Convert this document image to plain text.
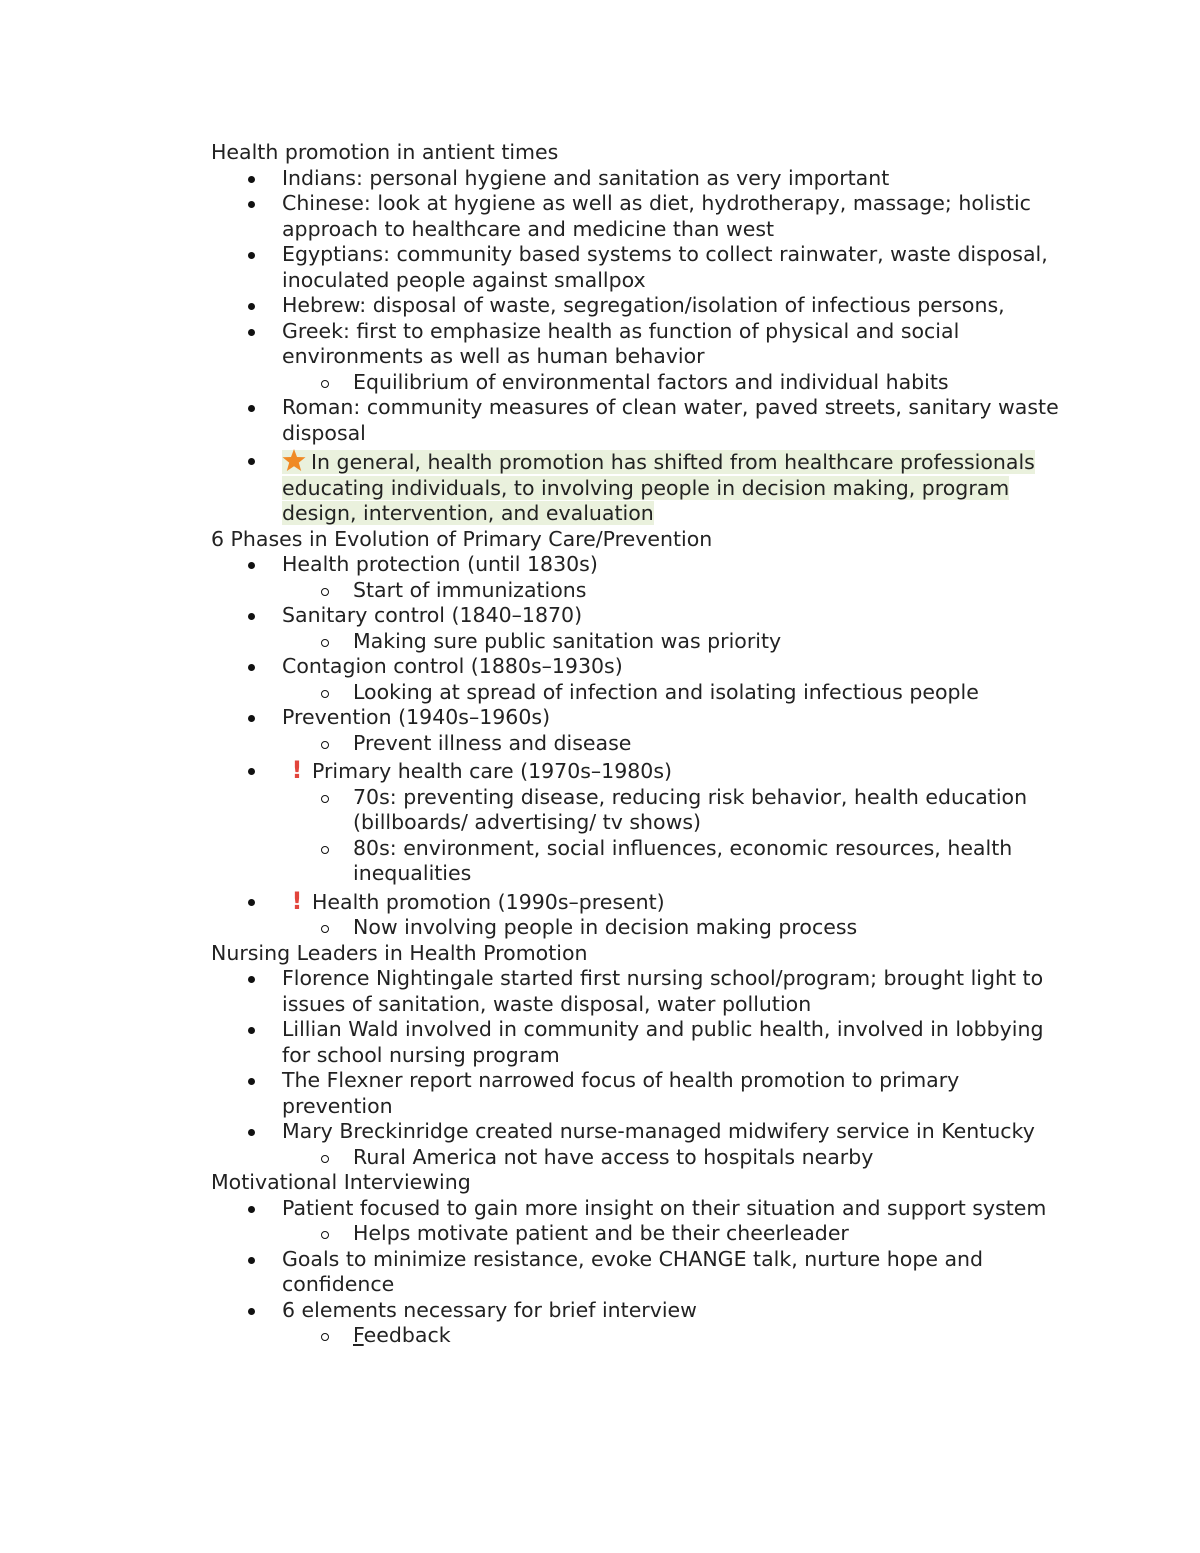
Health promotion in antient times
Indians: personal hygiene and sanitation as very important
Chinese: look at hygiene as well as diet, hydrotherapy, massage; holistic approach to healthcare and medicine than west
Egyptians: community based systems to collect rainwater, waste disposal, inoculated people against smallpox
Hebrew: disposal of waste, segregation/isolation of infectious persons,
Greek: first to emphasize health as function of physical and social environments as well as human behavior
Equilibrium of environmental factors and individual habits
Roman: community measures of clean water, paved streets, sanitary waste disposal
In general, health promotion has shifted from healthcare professionals educating individuals, to involving people in decision making, program design, intervention, and evaluation
6 Phases in Evolution of Primary Care/Prevention
Health protection (until 1830s)
Start of immunizations
Sanitary control (1840–1870)
Making sure public sanitation was priority
Contagion control (1880s–1930s)
Looking at spread of infection and isolating infectious people
Prevention (1940s–1960s)
Prevent illness and disease
! Primary health care (1970s–1980s)
70s: preventing disease, reducing risk behavior, health education (billboards/ advertising/ tv shows)
80s: environment, social influences, economic resources, health inequalities
! Health promotion (1990s–present)
Now involving people in decision making process
Nursing Leaders in Health Promotion
Florence Nightingale started first nursing school/program; brought light to issues of sanitation, waste disposal, water pollution
Lillian Wald involved in community and public health, involved in lobbying for school nursing program
The Flexner report narrowed focus of health promotion to primary prevention
Mary Breckinridge created nurse-managed midwifery service in Kentucky
Rural America not have access to hospitals nearby
Motivational Interviewing
Patient focused to gain more insight on their situation and support system
Helps motivate patient and be their cheerleader
Goals to minimize resistance, evoke CHANGE talk, nurture hope and confidence
6 elements necessary for brief interview
Feedback
